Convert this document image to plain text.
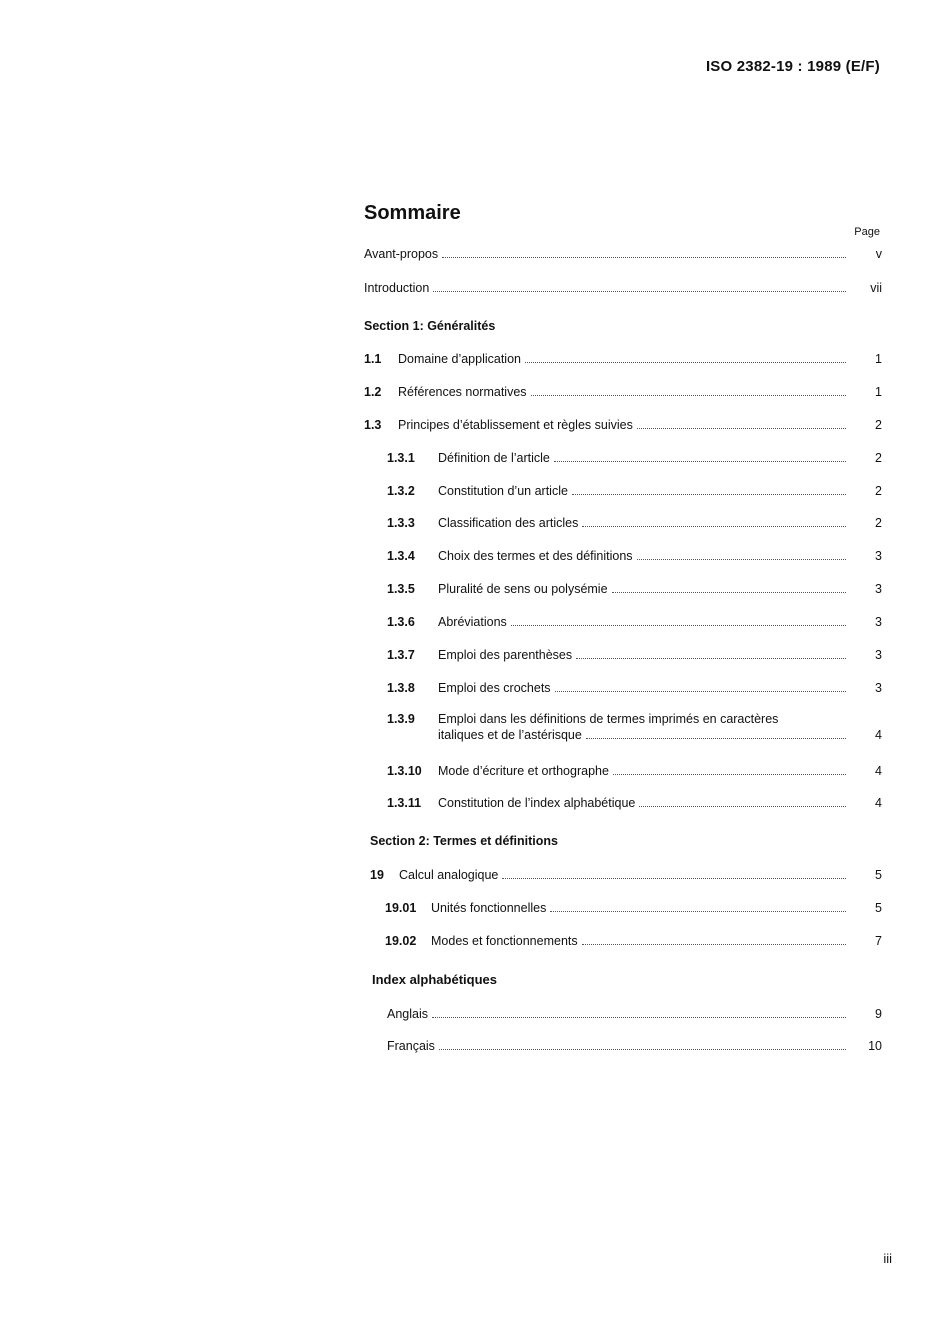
ISO 2382-19 : 1989 (E/F)
Sommaire
Page
Avant-propos	v
Introduction	vii
Section 1: Généralités
1.1	Domaine d’application	1
1.2	Références normatives	1
1.3	Principes d’établissement et règles suivies	2
1.3.1	Définition de l’article	2
1.3.2	Constitution d’un article	2
1.3.3	Classification des articles	2
1.3.4	Choix des termes et des définitions	3
1.3.5	Pluralité de sens ou polysémie	3
1.3.6	Abréviations	3
1.3.7	Emploi des parenthèses	3
1.3.8	Emploi des crochets	3
1.3.9	Emploi dans les définitions de termes imprimés en caractères
italiques et de l’astérisque	4
1.3.10	Mode d’écriture et orthographe	4
1.3.11	Constitution de l’index alphabétique	4
Section 2: Termes et définitions
19	Calcul analogique	5
19.01	Unités fonctionnelles	5
19.02	Modes et fonctionnements	7
Index alphabétiques
Anglais	9
Français	10
iii
